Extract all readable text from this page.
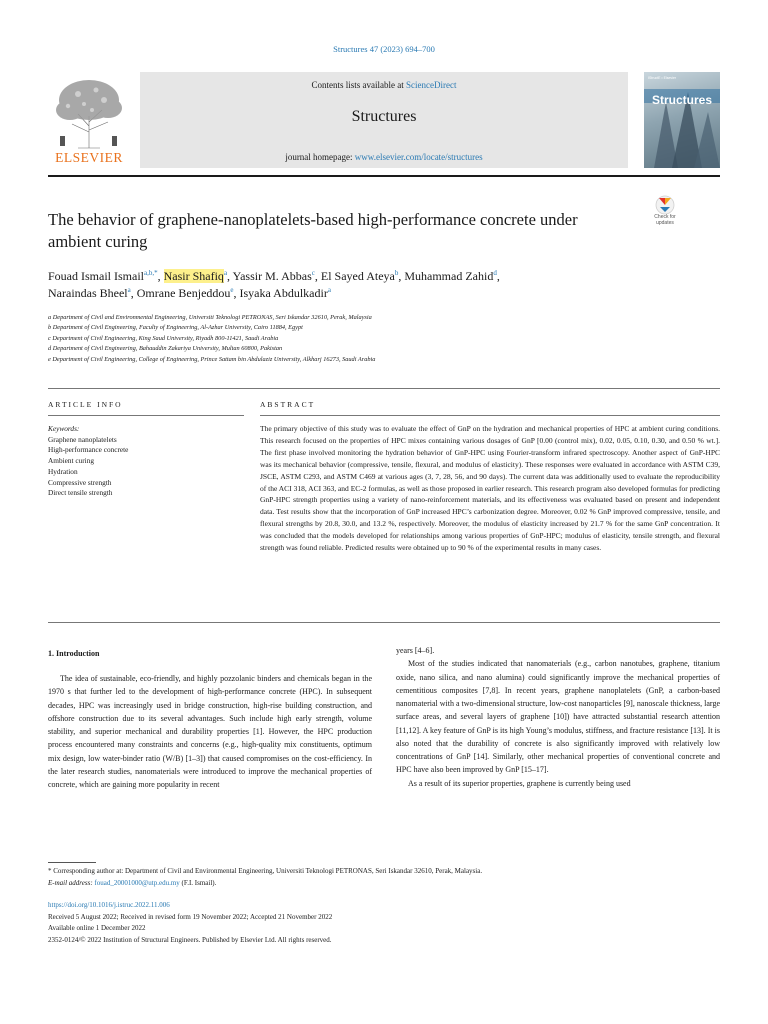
Structures 47 (2023) 694–700
ELSEVIER
Contents lists available at ScienceDirect
Structures
journal homepage: www.elsevier.com/locate/structures
IStructE • Elsevier
Structures
The behavior of graphene-nanoplatelets-based high-performance concrete under ambient curing
Check for updates
Fouad Ismail Ismail$^{a,b,*}$, Nasir Shafiq$^a$, Yassir M. Abbas$^c$, El Sayed Ateya$^b$, Muhammad Zahid$^d$,
Naraindas Bheel$^a$, Omrane Benjeddou$^e$, Isyaka Abdulkadir$^a$
a Department of Civil and Environmental Engineering, Universiti Teknologi PETRONAS, Seri Iskandar 32610, Perak, Malaysia
b Department of Civil Engineering, Faculty of Engineering, Al-Azhar University, Cairo 11884, Egypt
c Department of Civil Engineering, King Saud University, Riyadh 800-11421, Saudi Arabia
d Department of Civil Engineering, Bahauddin Zakariya University, Multan 60800, Pakistan
e Department of Civil Engineering, College of Engineering, Prince Sattam bin Abdulaziz University, Alkharj 16273, Saudi Arabia
ARTICLE INFO	ABSTRACT
Keywords:
Graphene nanoplatelets
High-performance concrete
Ambient curing
Hydration
Compressive strength
Direct tensile strength
The primary objective of this study was to evaluate the effect of GnP on the hydration and mechanical properties of HPC at ambient curing conditions. This research focused on the properties of HPC mixes containing various dosages of GnP [0.00 (control mix), 0.02, 0.05, 0.10, 0.30, and 0.50 % wt.]. The first phase involved monitoring the hydration behavior of GnP-HPC using Fourier-transform infrared spectroscopy. Another aspect of GnP-HPC was its mechanical behavior (compressive, tensile, flexural, and modulus of elasticity). These responses were evaluated in accordance with ASTM C39, JSCE, ASTM C293, and ASTM C469 at various ages (3, 7, 28, 56, and 90 days). The current data was additionally used to evaluate the reproducibility of the ACI 318, ACI 363, and EC-2 formulas, as well as those proposed in earlier research. This research program also developed formulas for predicting GnP-HPC strength properties using a variety of nano-reinforcement materials, and its effectiveness was evaluated based on present and independent data. Test results show that the incorporation of GnP increased HPC’s carbonization degree. Moreover, 0.02 % GnP improved compressive, tensile, and flexural strengths by 20.8, 30.0, and 13.2 %, respectively. Moreover, the modulus of elasticity increased by 21.7 % for the same GnP concentration. It was concluded that the models developed for relationships among various properties of GnP-HPC; modulus of elasticity, tensile strength, and flexural strength was found reliable. Predicted results were obtained up to 90 % of the experimental results in many cases.
1. Introduction

The idea of sustainable, eco-friendly, and highly pozzolanic binders and chemicals began in the 1970 s that further led to the development of high-performance concrete (HPC). In subsequent decades, HPC was increasingly used in bridge construction, high-rise building construction, and offshore construction due to its several advantages. Such include high early strength, volume stability, and superior mechanical and durability properties [1]. However, the HPC production process encountered many constraints and concerns (e.g., high-quality mix constituents, optimum mix design, low water-binder ratio (W/B) [1–3]) that caused compromises on the cost-efficiency. In the later research studies, nanomaterials were introduced to improve the mechanical properties of concrete, which are gaining more popularity in recent

years [4–6].

Most of the studies indicated that nanomaterials (e.g., carbon nanotubes, graphene, titanium oxide, nano silica, and nano alumina) could significantly improve the mechanical properties of cementitious composites [7,8]. In recent years, graphene nanoplatelets (GnP, a carbon-based nanomaterial with a two-dimensional structure, low-cost nanoparticles [9], nanoscale thickness, large surface areas, and several layers of graphene [10]) have attracted substantial research attention [11,12]. A key feature of GnP is its high Young’s modulus, stiffness, and fracture resistance [13]. It is also noted that the durability of concrete is also significantly improved with relatively low concentrations of GnP [14]. Similarly, other mechanical properties of conventional concrete and HPC have also been improved by GnP [15–17].

As a result of its superior properties, graphene is currently being used

* Corresponding author at: Department of Civil and Environmental Engineering, Universiti Teknologi PETRONAS, Seri Iskandar 32610, Perak, Malaysia.
E-mail address: fouad_20001000@utp.edu.my (F.I. Ismail).
https://doi.org/10.1016/j.istruc.2022.11.006
Received 5 August 2022; Received in revised form 19 November 2022; Accepted 21 November 2022
Available online 1 December 2022
2352-0124/© 2022 Institution of Structural Engineers. Published by Elsevier Ltd. All rights reserved.
